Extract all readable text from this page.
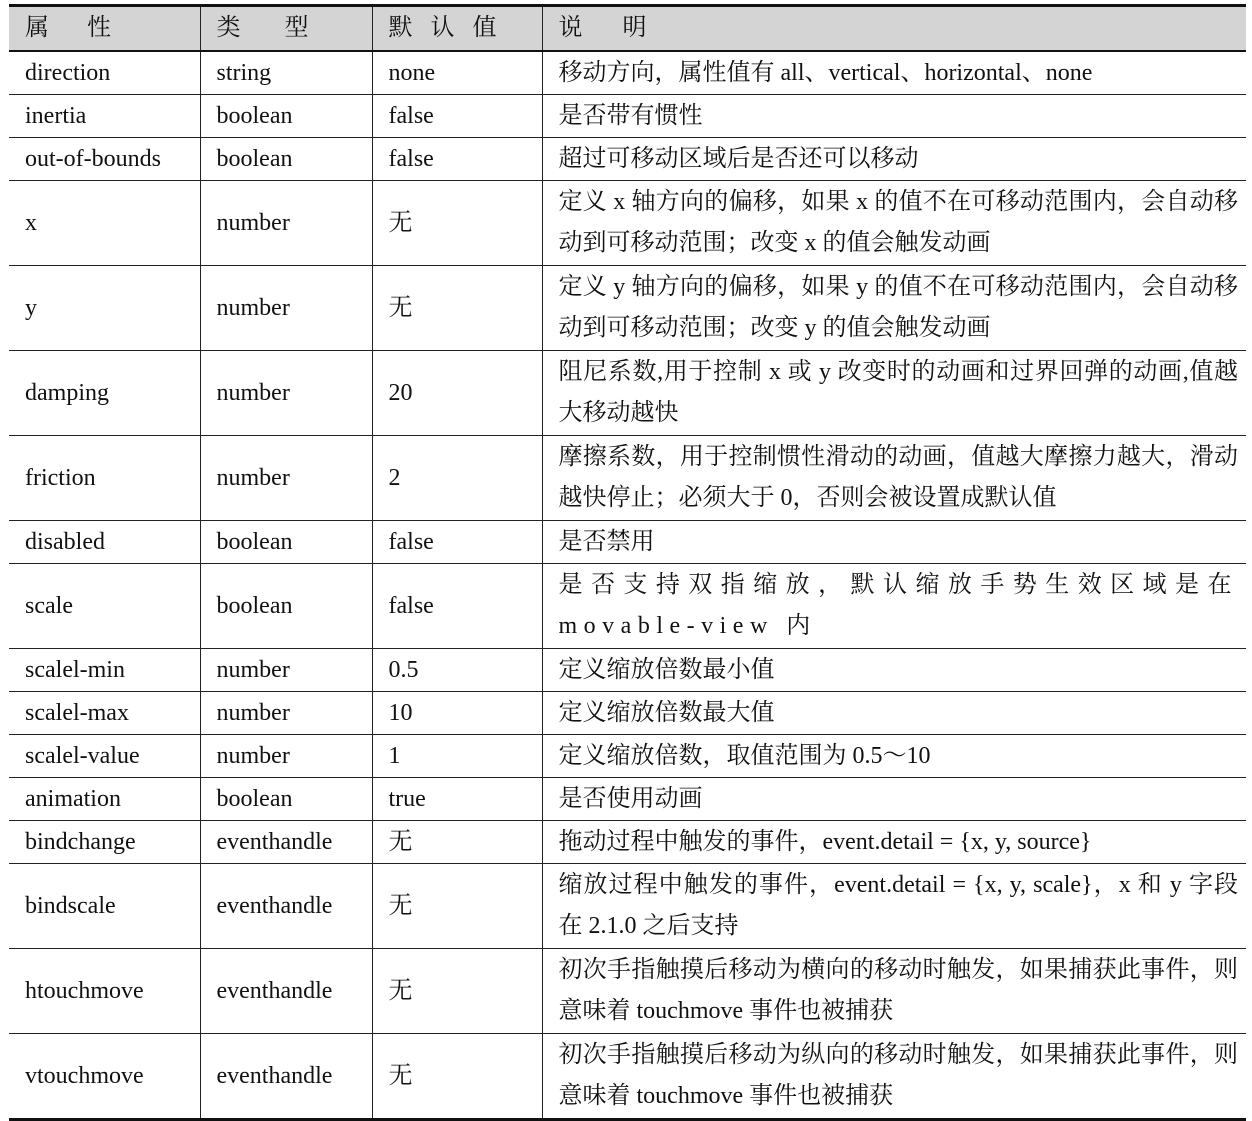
属性	类型	默认值	说明
direction	string	none	移动方向，属性值有 all、vertical、horizontal、none
inertia	boolean	false	是否带有惯性
out-of-bounds	boolean	false	超过可移动区域后是否还可以移动
x	number	无	定义 x 轴方向的偏移，如果 x 的值不在可移动范围内，会自动移动到可移动范围；改变 x 的值会触发动画
y	number	无	定义 y 轴方向的偏移，如果 y 的值不在可移动范围内，会自动移动到可移动范围；改变 y 的值会触发动画
damping	number	20	阻尼系数,用于控制 x 或 y 改变时的动画和过界回弹的动画,值越大移动越快
friction	number	2	摩擦系数，用于控制惯性滑动的动画，值越大摩擦力越大，滑动越快停止；必须大于 0，否则会被设置成默认值
disabled	boolean	false	是否禁用
scale	boolean	false	是否支持双指缩放，默认缩放手势生效区域是在 movable-view 内
scalel-min	number	0.5	定义缩放倍数最小值
scalel-max	number	10	定义缩放倍数最大值
scalel-value	number	1	定义缩放倍数，取值范围为 0.5～10
animation	boolean	true	是否使用动画
bindchange	eventhandle	无	拖动过程中触发的事件，event.detail = {x, y, source}
bindscale	eventhandle	无	缩放过程中触发的事件，event.detail = {x, y, scale}，x 和 y 字段在 2.1.0 之后支持
htouchmove	eventhandle	无	初次手指触摸后移动为横向的移动时触发，如果捕获此事件，则意味着 touchmove 事件也被捕获
vtouchmove	eventhandle	无	初次手指触摸后移动为纵向的移动时触发，如果捕获此事件，则意味着 touchmove 事件也被捕获
